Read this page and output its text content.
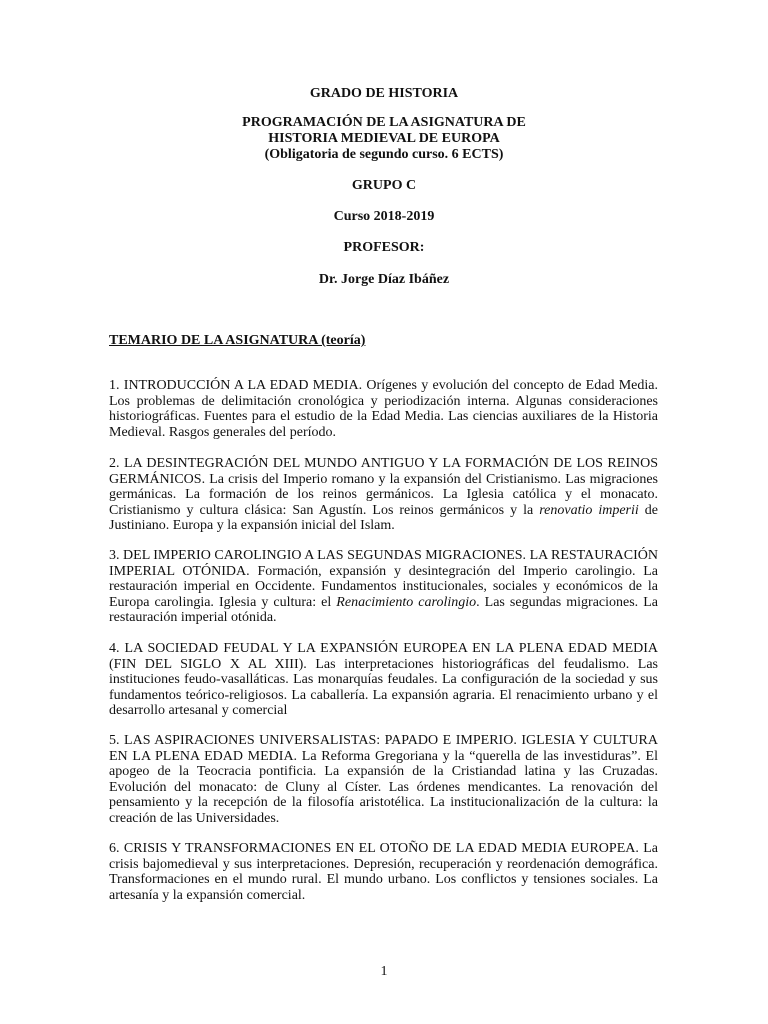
GRADO DE HISTORIA
PROGRAMACIÓN DE LA ASIGNATURA DE
HISTORIA MEDIEVAL DE EUROPA
(Obligatoria de segundo curso. 6 ECTS)
GRUPO C
Curso 2018-2019
PROFESOR:
Dr. Jorge Díaz Ibáñez
TEMARIO DE LA ASIGNATURA (teoría)
1. INTRODUCCIÓN A LA EDAD MEDIA. Orígenes y evolución del concepto de Edad Media. Los problemas de delimitación cronológica y periodización interna. Algunas consideraciones historiográficas. Fuentes para el estudio de la Edad Media. Las ciencias auxiliares de la Historia Medieval. Rasgos generales del período.
2. LA DESINTEGRACIÓN DEL MUNDO ANTIGUO Y LA FORMACIÓN DE LOS REINOS GERMÁNICOS. La crisis del Imperio romano y la expansión del Cristianismo. Las migraciones germánicas. La formación de los reinos germánicos. La Iglesia católica y el monacato. Cristianismo y cultura clásica: San Agustín. Los reinos germánicos y la renovatio imperii de Justiniano. Europa y la expansión inicial del Islam.
3. DEL IMPERIO CAROLINGIO A LAS SEGUNDAS MIGRACIONES. LA RESTAURACIÓN IMPERIAL OTÓNIDA. Formación, expansión y desintegración del Imperio carolingio. La restauración imperial en Occidente. Fundamentos institucionales, sociales y económicos de la Europa carolingia. Iglesia y cultura: el Renacimiento carolingio. Las segundas migraciones. La restauración imperial otónida.
4. LA SOCIEDAD FEUDAL Y LA EXPANSIÓN EUROPEA EN LA PLENA EDAD MEDIA (FIN DEL SIGLO X AL XIII). Las interpretaciones historiográficas del feudalismo. Las instituciones feudo-vasalláticas. Las monarquías feudales. La configuración de la sociedad y sus fundamentos teórico-religiosos. La caballería. La expansión agraria. El renacimiento urbano y el desarrollo artesanal y comercial
5. LAS ASPIRACIONES UNIVERSALISTAS: PAPADO E IMPERIO. IGLESIA Y CULTURA EN LA PLENA EDAD MEDIA. La Reforma Gregoriana y la “querella de las investiduras”. El apogeo de la Teocracia pontificia. La expansión de la Cristiandad latina y las Cruzadas. Evolución del monacato: de Cluny al Císter. Las órdenes mendicantes. La renovación del pensamiento y la recepción de la filosofía aristotélica. La institucionalización de la cultura: la creación de las Universidades.
6. CRISIS Y TRANSFORMACIONES EN EL OTOÑO DE LA EDAD MEDIA EUROPEA. La crisis bajomedieval y sus interpretaciones. Depresión, recuperación y reordenación demográfica. Transformaciones en el mundo rural. El mundo urbano. Los conflictos y tensiones sociales. La artesanía y la expansión comercial.
1
